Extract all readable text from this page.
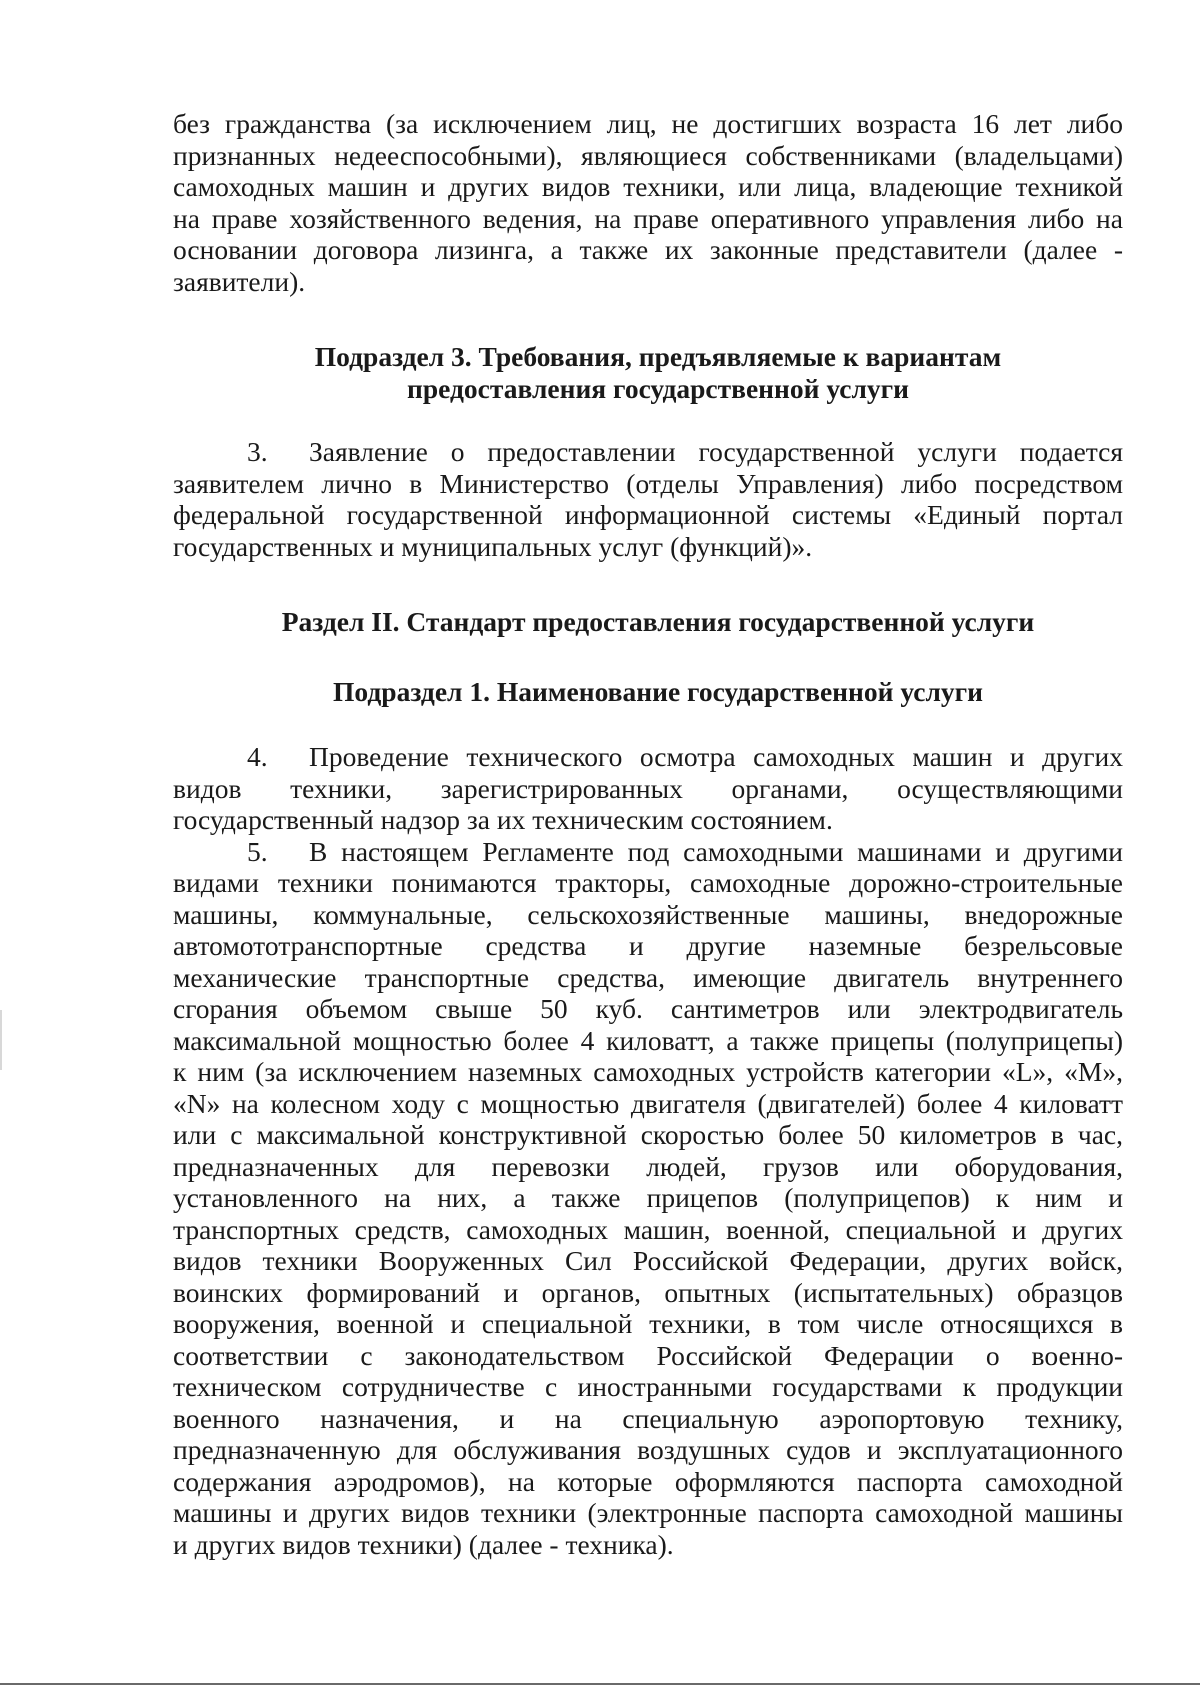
без гражданства (за исключением лиц, не достигших возраста 16 лет либо
признанных недееспособными), являющиеся собственниками (владельцами)
самоходных машин и других видов техники, или лица, владеющие техникой
на праве хозяйственного ведения, на праве оперативного управления либо на
основании договора лизинга, а также их законные представители (далее -
заявители).
Подраздел 3. Требования, предъявляемые к вариантам
предоставления государственной услуги
3. Заявление о предоставлении государственной услуги подается
заявителем лично в Министерство (отделы Управления) либо посредством
федеральной государственной информационной системы «Единый портал
государственных и муниципальных услуг (функций)».
Раздел II. Стандарт предоставления государственной услуги
Подраздел 1. Наименование государственной услуги
4. Проведение технического осмотра самоходных машин и других
видов техники, зарегистрированных органами, осуществляющими
государственный надзор за их техническим состоянием.
5. В настоящем Регламенте под самоходными машинами и другими
видами техники понимаются тракторы, самоходные дорожно-строительные
машины, коммунальные, сельскохозяйственные машины, внедорожные
автомототранспортные средства и другие наземные безрельсовые
механические транспортные средства, имеющие двигатель внутреннего
сгорания объемом свыше 50 куб. сантиметров или электродвигатель
максимальной мощностью более 4 киловатт, а также прицепы (полуприцепы)
к ним (за исключением наземных самоходных устройств категории «L», «М»,
«N» на колесном ходу с мощностью двигателя (двигателей) более 4 киловатт
или с максимальной конструктивной скоростью более 50 километров в час,
предназначенных для перевозки людей, грузов или оборудования,
установленного на них, а также прицепов (полуприцепов) к ним и
транспортных средств, самоходных машин, военной, специальной и других
видов техники Вооруженных Сил Российской Федерации, других войск,
воинских формирований и органов, опытных (испытательных) образцов
вооружения, военной и специальной техники, в том числе относящихся в
соответствии с законодательством Российской Федерации о военно-
техническом сотрудничестве с иностранными государствами к продукции
военного назначения, и на специальную аэропортовую технику,
предназначенную для обслуживания воздушных судов и эксплуатационного
содержания аэродромов), на которые оформляются паспорта самоходной
машины и других видов техники (электронные паспорта самоходной машины
и других видов техники) (далее - техника).
